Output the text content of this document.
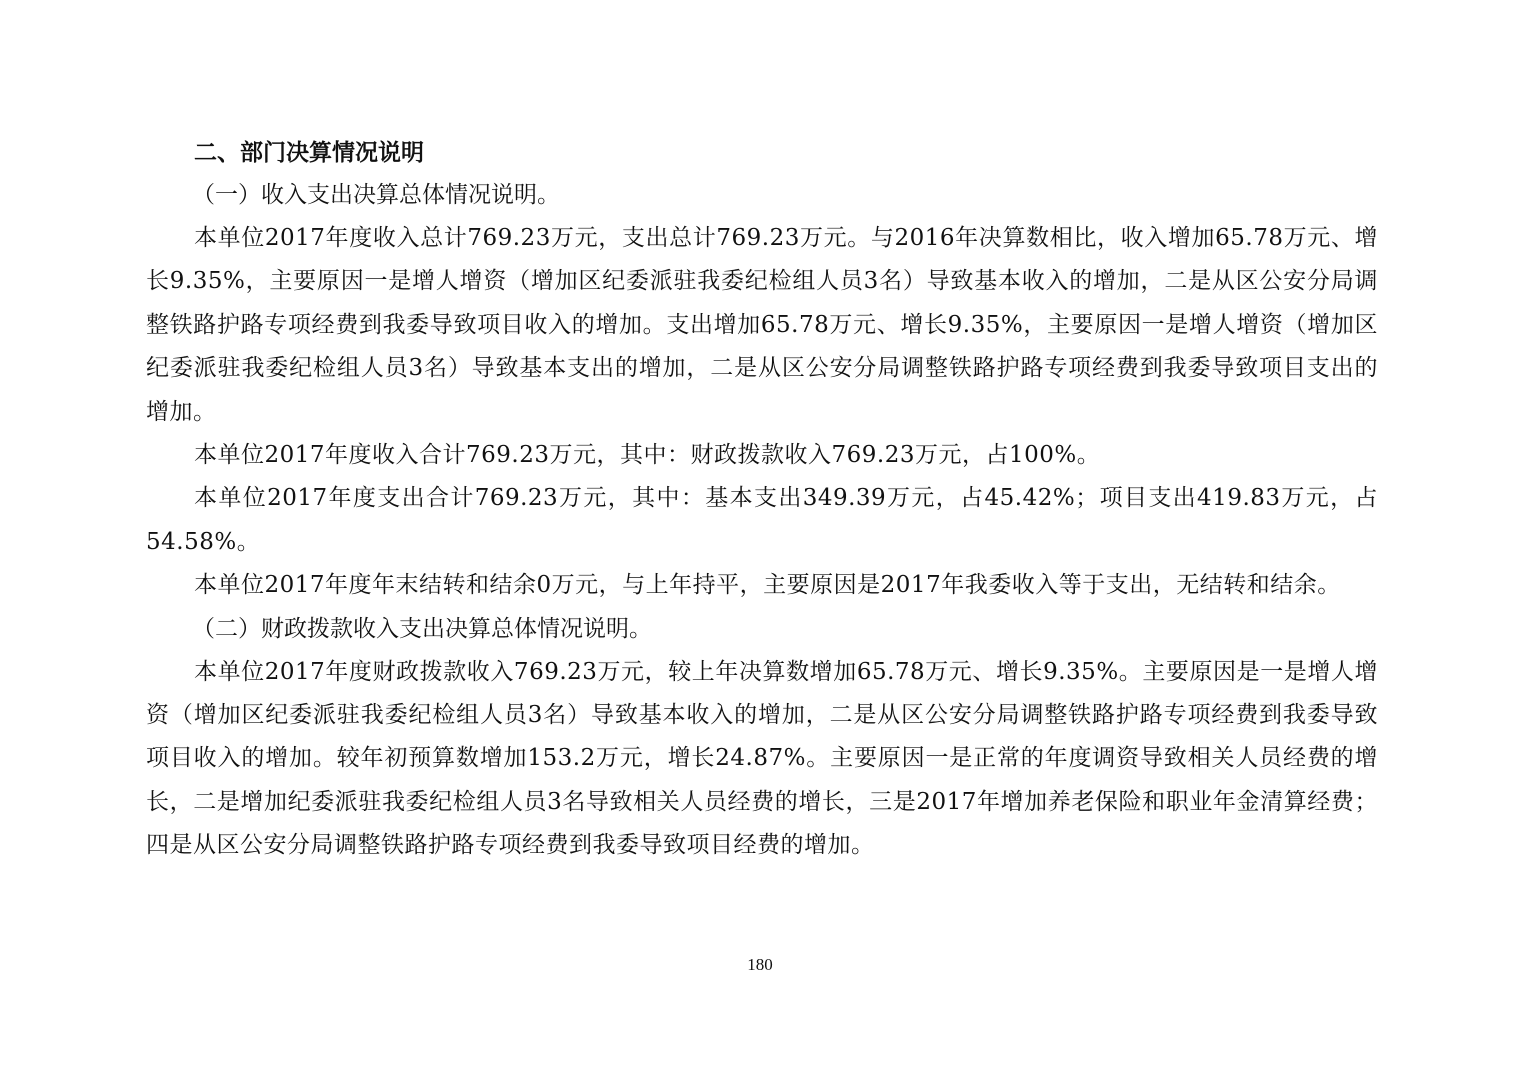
二、部门决算情况说明
（一）收入支出决算总体情况说明。

本单位2017年度收入总计769.23万元，支出总计769.23万元。与2016年决算数相比，收入增加65.78万元、增长9.35%，主要原因一是增人增资（增加区纪委派驻我委纪检组人员3名）导致基本收入的增加，二是从区公安分局调整铁路护路专项经费到我委导致项目收入的增加。支出增加65.78万元、增长9.35%，主要原因一是增人增资（增加区纪委派驻我委纪检组人员3名）导致基本支出的增加，二是从区公安分局调整铁路护路专项经费到我委导致项目支出的增加。

本单位2017年度收入合计769.23万元，其中：财政拨款收入769.23万元，占100%。

本单位2017年度支出合计769.23万元，其中：基本支出349.39万元，占45.42%；项目支出419.83万元，占54.58%。

本单位2017年度年末结转和结余0万元，与上年持平，主要原因是2017年我委收入等于支出，无结转和结余。

（二）财政拨款收入支出决算总体情况说明。

本单位2017年度财政拨款收入769.23万元，较上年决算数增加65.78万元、增长9.35%。主要原因是一是增人增资（增加区纪委派驻我委纪检组人员3名）导致基本收入的增加，二是从区公安分局调整铁路护路专项经费到我委导致项目收入的增加。较年初预算数增加153.2万元，增长24.87%。主要原因一是正常的年度调资导致相关人员经费的增长，二是增加纪委派驻我委纪检组人员3名导致相关人员经费的增长，三是2017年增加养老保险和职业年金清算经费；四是从区公安分局调整铁路护路专项经费到我委导致项目经费的增加。

180
